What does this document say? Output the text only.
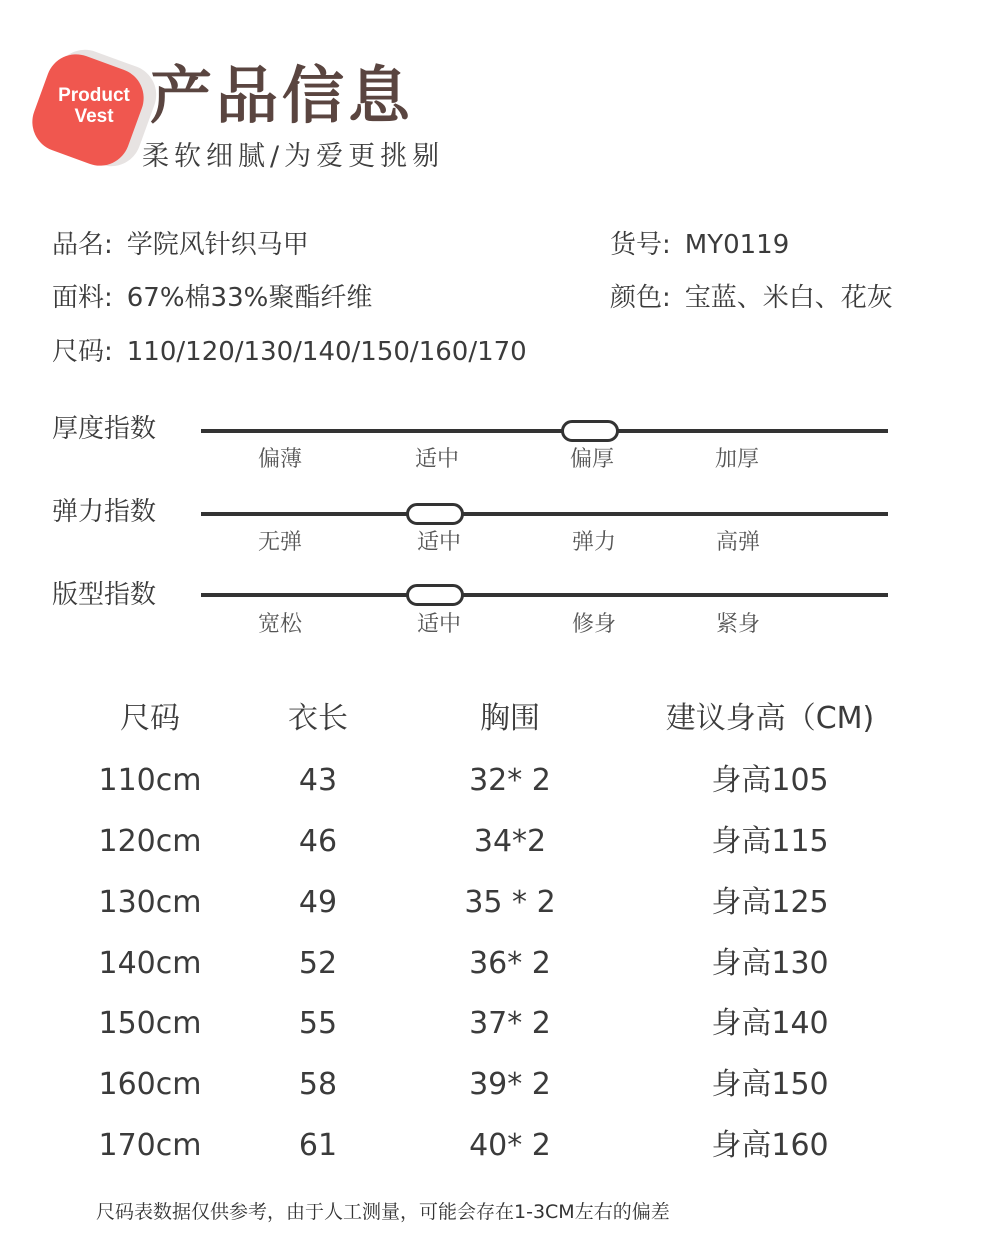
Product
Vest 产品信息
柔软细腻/为爱更挑剔
品名: 学院风针织马甲	货号: MY0119
面料: 67%棉33%聚酯纤维	颜色: 宝蓝、米白、花灰
尺码: 110/120/130/140/150/160/170
厚度指数
偏薄	适中	偏厚	加厚
弹力指数
无弹	适中	弹力	高弹
版型指数
宽松	适中	修身	紧身
尺码	衣长	胸围	建议身高（CM)
110cm	43	32* 2	身高105
120cm	46	34*2	身高115
130cm	49	35 * 2	身高125
140cm	52	36* 2	身高130
150cm	55	37* 2	身高140
160cm	58	39* 2	身高150
170cm	61	40* 2	身高160
尺码表数据仅供参考，由于人工测量，可能会存在1-3CM左右的偏差
